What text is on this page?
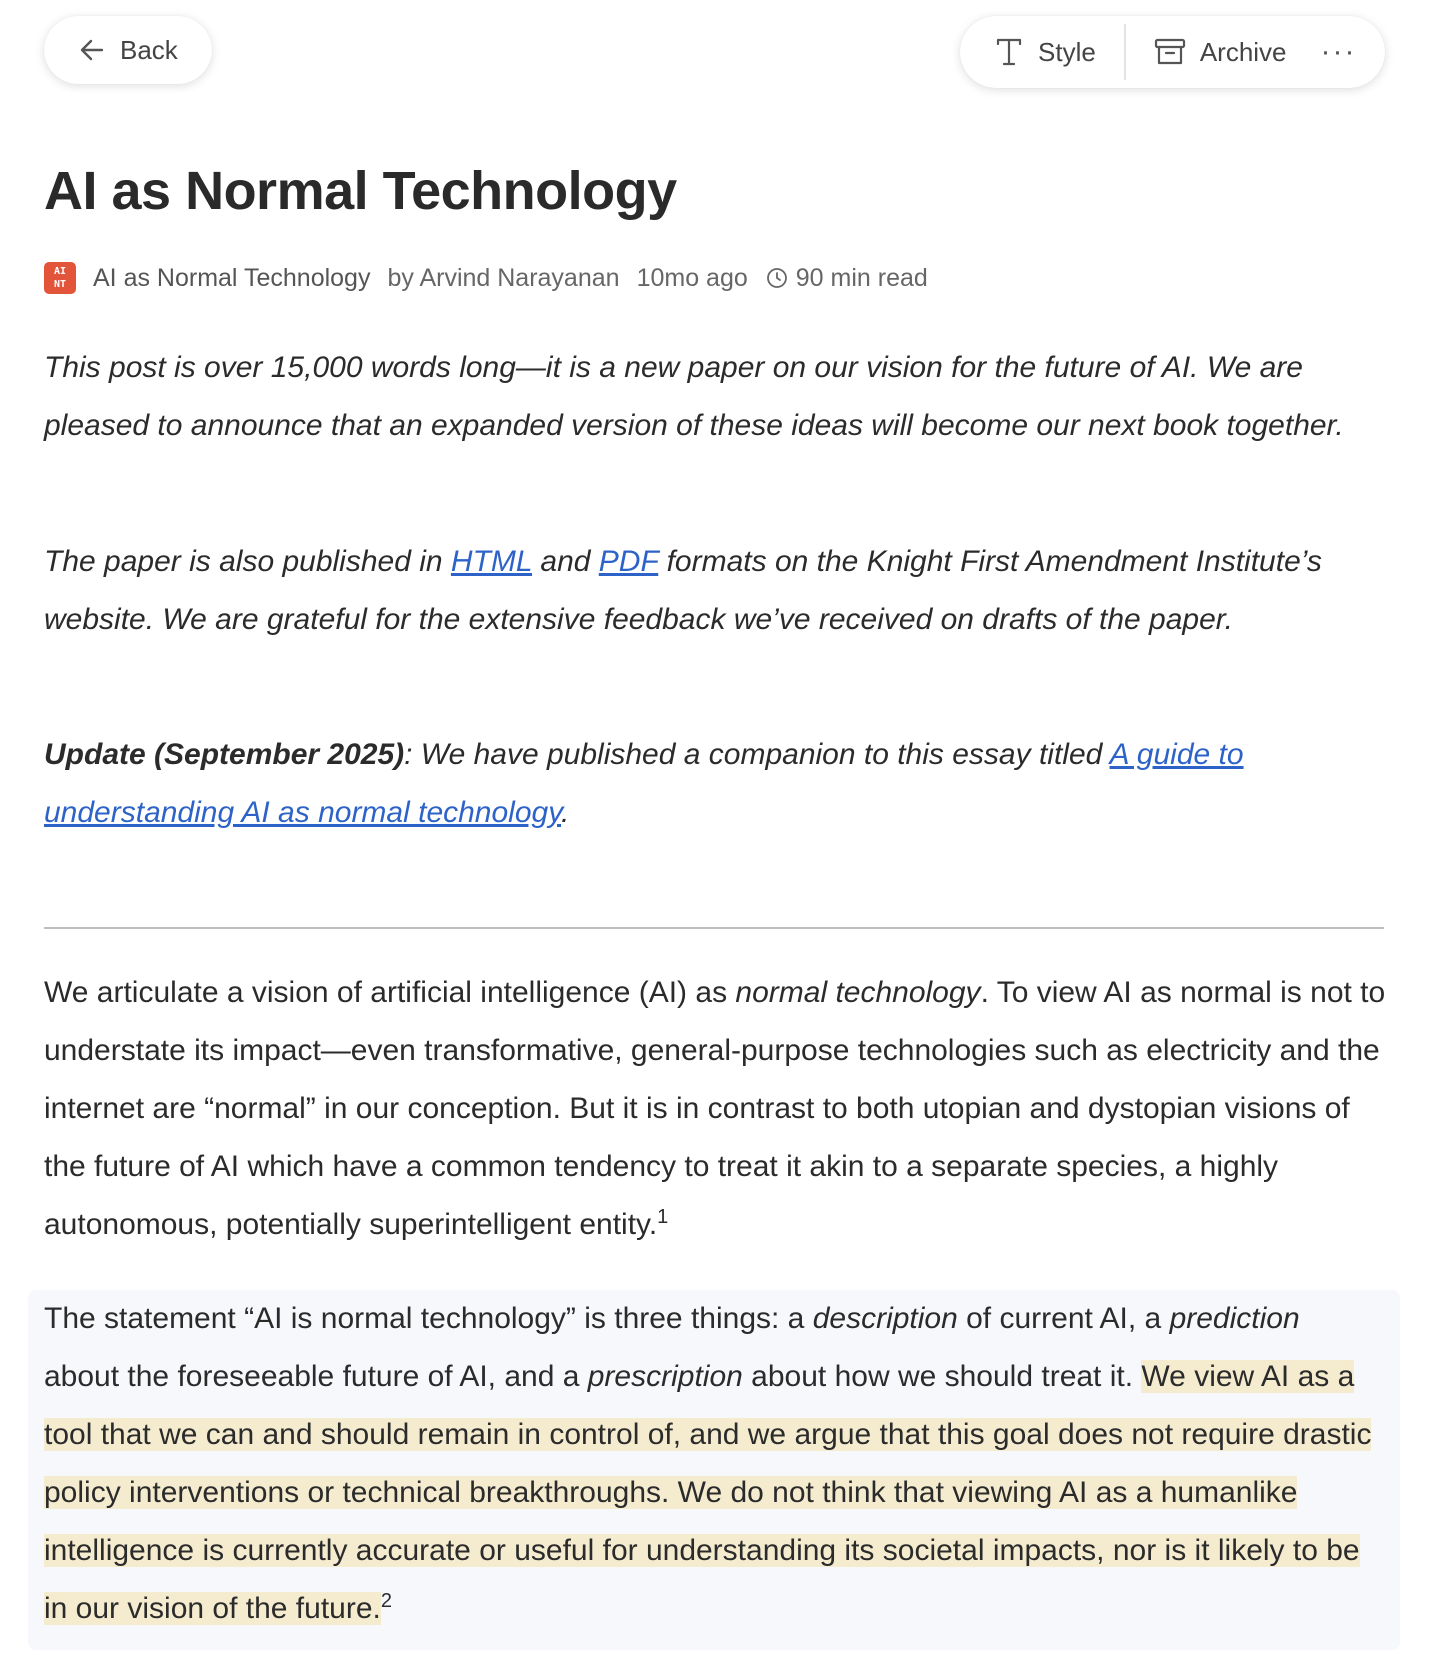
Back	Style	Archive ···
AI as Normal Technology
AI
NT AI as Normal Technology by Arvind Narayanan 10mo ago 90 min read

This post is over 15,000 words long—it is a new paper on our vision for the future of AI. We are pleased to announce that an expanded version of these ideas will become our next book together.

The paper is also published in HTML and PDF formats on the Knight First Amendment Institute’s website. We are grateful for the extensive feedback we’ve received on drafts of the paper.

Update (September 2025): We have published a companion to this essay titled A guide to understanding AI as normal technology.

We articulate a vision of artificial intelligence (AI) as normal technology. To view AI as normal is not to understate its impact—even transformative, general-purpose technologies such as electricity and the internet are “normal” in our conception. But it is in contrast to both utopian and dystopian visions of the future of AI which have a common tendency to treat it akin to a separate species, a highly autonomous, potentially superintelligent entity.$^1$

The statement “AI is normal technology” is three things: a description of current AI, a prediction about the foreseeable future of AI, and a prescription about how we should treat it. We view AI as a tool that we can and should remain in control of, and we argue that this goal does not require drastic policy interventions or technical breakthroughs. We do not think that viewing AI as a humanlike intelligence is currently accurate or useful for understanding its societal impacts, nor is it likely to be in our vision of the future.$^2$
